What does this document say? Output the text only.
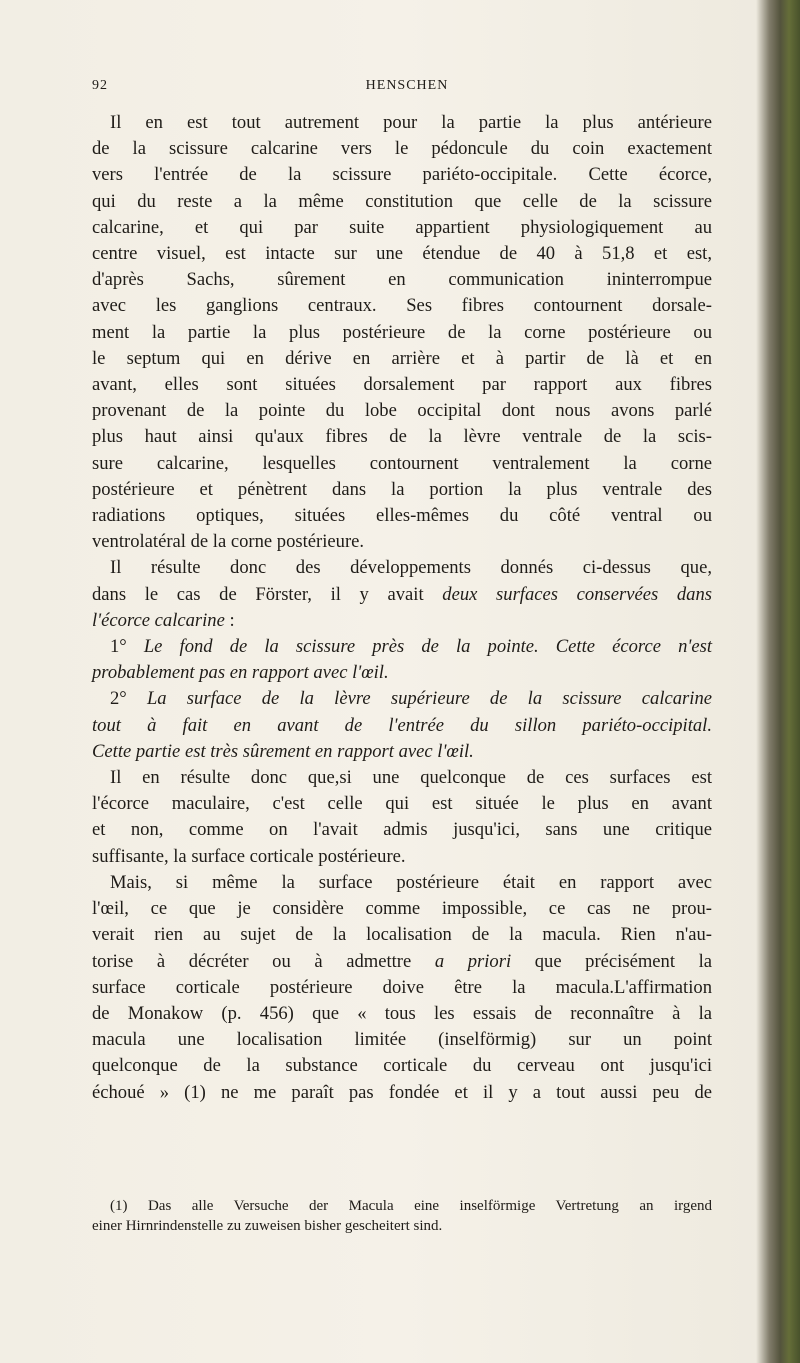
92	HENSCHEN
Il en est tout autrement pour la partie la plus antérieure
de la scissure calcarine vers le pédoncule du coin exactement
vers l'entrée de la scissure pariéto-occipitale. Cette écorce,
qui du reste a la même constitution que celle de la scissure
calcarine, et qui par suite appartient physiologiquement au
centre visuel, est intacte sur une étendue de 40 à 51,8 et est,
d'après Sachs, sûrement en communication ininterrompue
avec les ganglions centraux. Ses fibres contournent dorsale-
ment la partie la plus postérieure de la corne postérieure ou
le septum qui en dérive en arrière et à partir de là et en
avant, elles sont situées dorsalement par rapport aux fibres
provenant de la pointe du lobe occipital dont nous avons parlé
plus haut ainsi qu'aux fibres de la lèvre ventrale de la scis-
sure calcarine, lesquelles contournent ventralement la corne
postérieure et pénètrent dans la portion la plus ventrale des
radiations optiques, situées elles-mêmes du côté ventral ou
ventrolatéral de la corne postérieure.
Il résulte donc des développements donnés ci-dessus que,
dans le cas de Förster, il y avait deux surfaces conservées dans
l'écorce calcarine :
1° Le fond de la scissure près de la pointe. Cette écorce n'est
probablement pas en rapport avec l'œil.
2° La surface de la lèvre supérieure de la scissure calcarine
tout à fait en avant de l'entrée du sillon pariéto-occipital.
Cette partie est très sûrement en rapport avec l'œil.
Il en résulte donc que,si une quelconque de ces surfaces est
l'écorce maculaire, c'est celle qui est située le plus en avant
et non, comme on l'avait admis jusqu'ici, sans une critique
suffisante, la surface corticale postérieure.
Mais, si même la surface postérieure était en rapport avec
l'œil, ce que je considère comme impossible, ce cas ne prou-
verait rien au sujet de la localisation de la macula. Rien n'au-
torise à décréter ou à admettre a priori que précisément la
surface corticale postérieure doive être la macula.L'affirmation
de Monakow (p. 456) que « tous les essais de reconnaître à la
macula une localisation limitée (inselförmig) sur un point
quelconque de la substance corticale du cerveau ont jusqu'ici
échoué » (1) ne me paraît pas fondée et il y a tout aussi peu de
(1) Das alle Versuche der Macula eine inselförmige Vertretung an irgend
einer Hirnrindenstelle zu zuweisen bisher gescheitert sind.
